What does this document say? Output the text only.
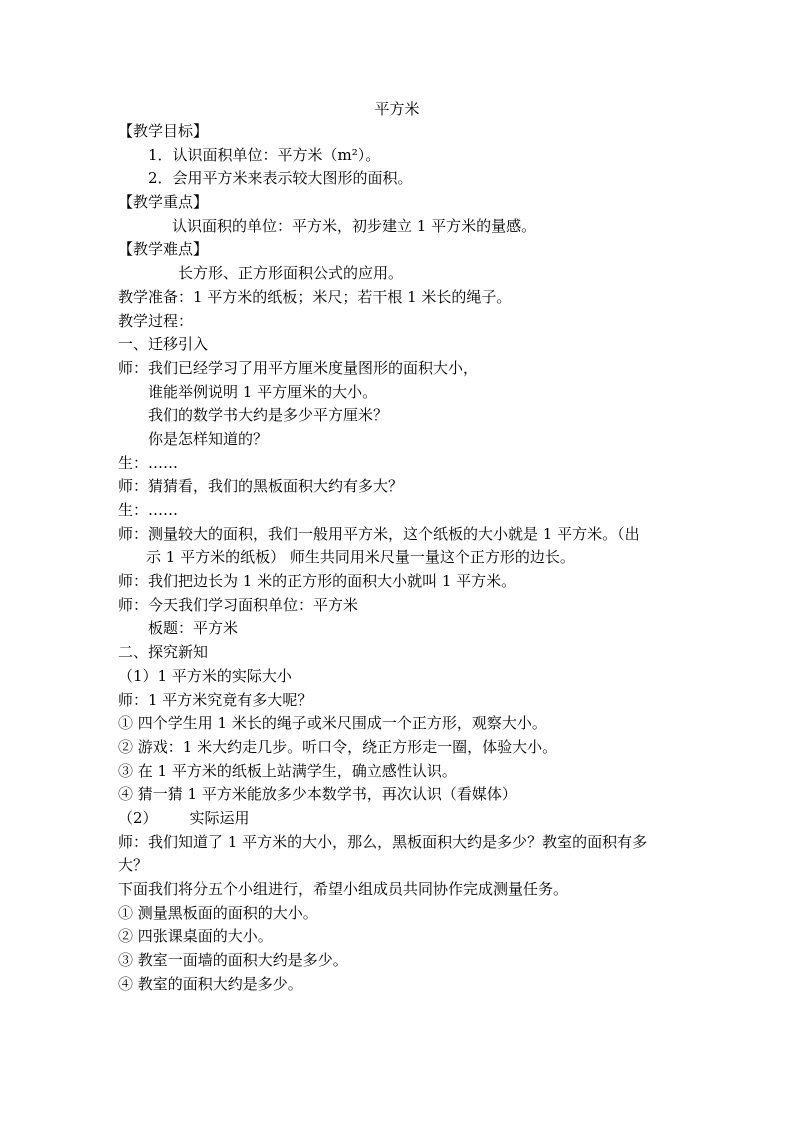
平方米
【教学目标】
1．认识面积单位：平方米（m²）。
2．会用平方米来表示较大图形的面积。
【教学重点】
认识面积的单位：平方米，初步建立 1 平方米的量感。
【教学难点】
长方形、正方形面积公式的应用。
教学准备：1 平方米的纸板；米尺；若干根 1 米长的绳子。
教学过程：
一、迁移引入
师：我们已经学习了用平方厘米度量图形的面积大小，
谁能举例说明 1 平方厘米的大小。
我们的数学书大约是多少平方厘米？
你是怎样知道的？
生：……
师：猜猜看，我们的黑板面积大约有多大？
生：……
师：测量较大的面积，我们一般用平方米，这个纸板的大小就是 1 平方米。（出
示 1 平方米的纸板） 师生共同用米尺量一量这个正方形的边长。
师：我们把边长为 1 米的正方形的面积大小就叫 1 平方米。
师：今天我们学习面积单位：平方米
板题：平方米
二、探究新知
（1）1 平方米的实际大小
师：1 平方米究竟有多大呢？
① 四个学生用 1 米长的绳子或米尺围成一个正方形，观察大小。
② 游戏：1 米大约走几步。听口令，绕正方形走一圈，体验大小。
③ 在 1 平方米的纸板上站满学生，确立感性认识。
④ 猜一猜 1 平方米能放多少本数学书，再次认识（看媒体）
（2） 实际运用
师：我们知道了 1 平方米的大小，那么，黑板面积大约是多少？教室的面积有多
大？
下面我们将分五个小组进行，希望小组成员共同协作完成测量任务。
① 测量黑板面的面积的大小。
② 四张课桌面的大小。
③ 教室一面墙的面积大约是多少。
④ 教室的面积大约是多少。
